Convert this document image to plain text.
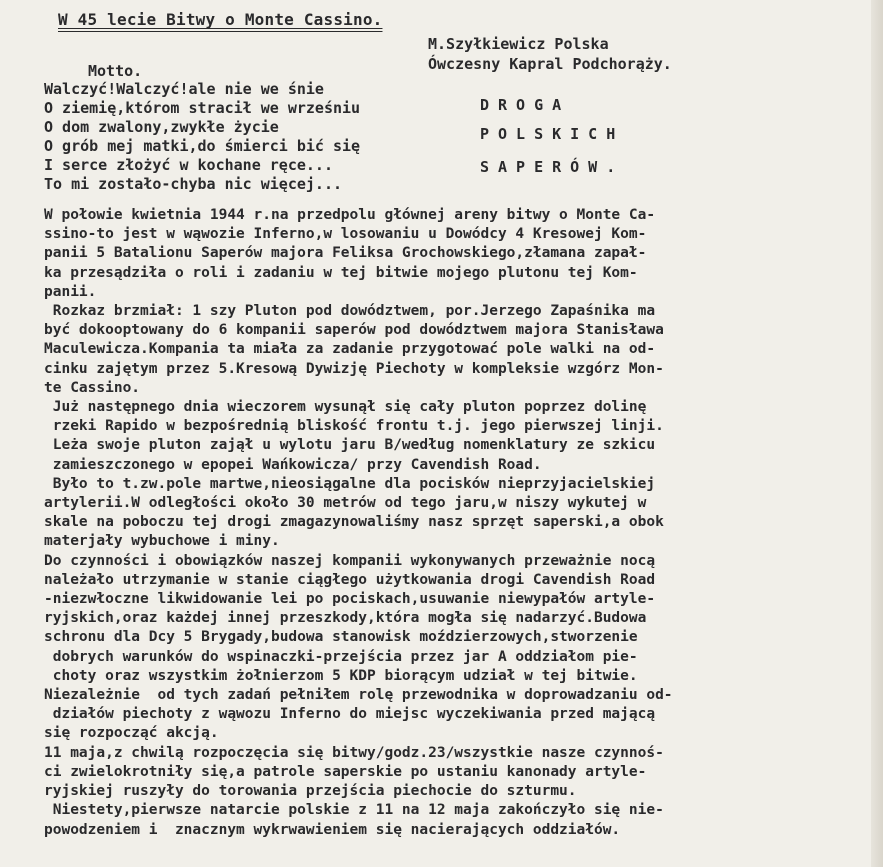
W 45 lecie Bitwy o Monte Cassino.
M.Szyłkiewicz Polska
Ówczesny Kapral Podchorąży.
Motto.
Walczyć!Walczyć!ale nie we śnie
O ziemię,którom stracił we wrześniu
O dom zwalony,zwykłe życie
O grób mej matki,do śmierci bić się
I serce złożyć w kochane ręce...
To mi zostało-chyba nic więcej...
DROGA
POLSKICH
SAPERÓW.
W połowie kwietnia 1944 r.na przedpolu głównej areny bitwy o Monte Ca-
ssino-to jest w wąwozie Inferno,w losowaniu u Dowódcy 4 Kresowej Kom-
panii 5 Batalionu Saperów majora Feliksa Grochowskiego,złamana zapał-
ka przesądziła o roli i zadaniu w tej bitwie mojego plutonu tej Kom-
panii.
Rozkaz brzmiał: 1 szy Pluton pod dowództwem, por.Jerzego Zapaśnika ma
być dokooptowany do 6 kompanii saperów pod dowództwem majora Stanisława
Maculewicza.Kompania ta miała za zadanie przygotować pole walki na od-
cinku zajętym przez 5.Kresową Dywizję Piechoty w kompleksie wzgórz Mon-
te Cassino.
Już następnego dnia wieczorem wysunął się cały pluton poprzez dolinę
rzeki Rapido w bezpośrednią bliskość frontu t.j. jego pierwszej linji.
Leża swoje pluton zajął u wylotu jaru B/według nomenklatury ze szkicu
zamieszczonego w epopei Wańkowicza/ przy Cavendish Road.
Było to t.zw.pole martwe,nieosiągalne dla pocisków nieprzyjacielskiej
artylerii.W odległości około 30 metrów od tego jaru,w niszy wykutej w
skale na poboczu tej drogi zmagazynowaliśmy nasz sprzęt saperski,a obok
materjały wybuchowe i miny.
Do czynności i obowiązków naszej kompanii wykonywanych przeważnie nocą
należało utrzymanie w stanie ciągłego użytkowania drogi Cavendish Road
-niezwłoczne likwidowanie lei po pociskach,usuwanie niewypałów artyle-
ryjskich,oraz każdej innej przeszkody,która mogła się nadarzyć.Budowa
schronu dla Dcy 5 Brygady,budowa stanowisk moździerzowych,stworzenie
dobrych warunków do wspinaczki-przejścia przez jar A oddziałom pie-
choty oraz wszystkim żołnierzom 5 KDP biorącym udział w tej bitwie.
Niezależnie  od tych zadań pełniłem rolę przewodnika w doprowadzaniu od-
działów piechoty z wąwozu Inferno do miejsc wyczekiwania przed mającą
się rozpocząć akcją.
11 maja,z chwilą rozpoczęcia się bitwy/godz.23/wszystkie nasze czynnoś-
ci zwielokrotniły się,a patrole saperskie po ustaniu kanonady artyle-
ryjskiej ruszyły do torowania przejścia piechocie do szturmu.
Niestety,pierwsze natarcie polskie z 11 na 12 maja zakończyło się nie-
powodzeniem i  znacznym wykrwawieniem się nacierających oddziałów.
